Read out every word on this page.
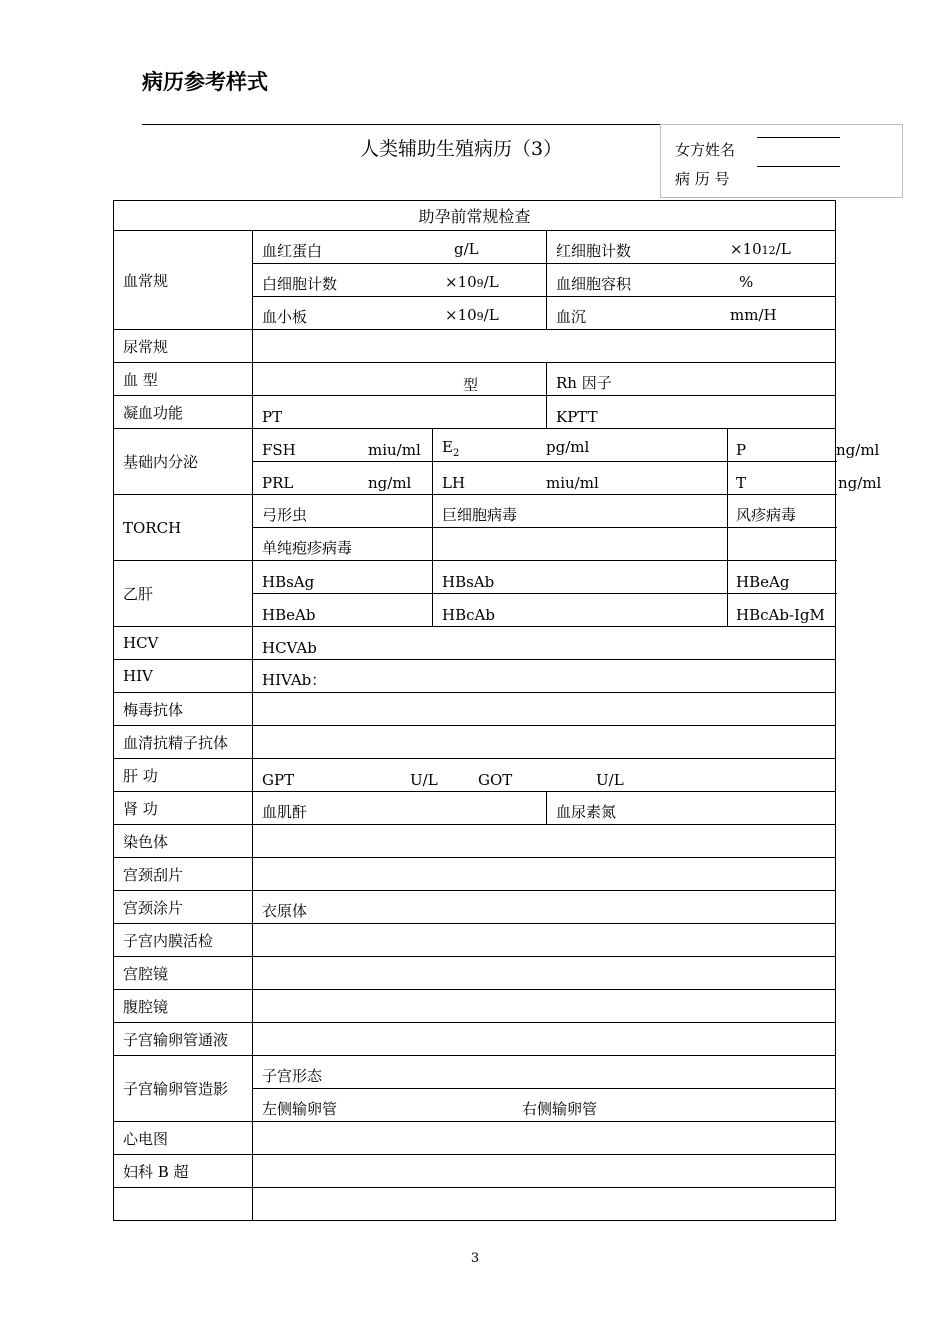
病历参考样式
人类辅助生殖病历（3）	女方姓名
病 历 号
助孕前常规检查				
血常规	血红蛋白 g/L		红细胞计数 ×1012/L	

	白细胞计数 ×109/L		血细胞容积 %	

	血小板 ×109/L		血沉 mm/H	

尿常规				
血 型	型		Rh 因子	
凝血功能	PT		KPTT	
基础内分泌	FSH miu/ml	$E_2$ pg/ml		P ng/ml

	PRL ng/ml	LH miu/ml		T ng/ml

TORCH	弓形虫	巨细胞病毒		风疹病毒
	单纯疱疹病毒			
乙肝	HBsAg	HBsAb		HBeAg
	HBeAb	HBcAb		HBcAb-IgM
HCV	HCVAb			
HIV	HIVAb：			
梅毒抗体				
血清抗精子抗体				
肝 功	GPT U/L GOT U/L			

肾 功	血肌酐		血尿素氮	
染色体				
宫颈刮片				
宫颈涂片	衣原体			
子宫内膜活检				
宫腔镜				
腹腔镜				
子宫输卵管通液				
子宫输卵管造影	子宫形态			

	左侧输卵管 右侧输卵管			

心电图				
妇科 B 超				

3
